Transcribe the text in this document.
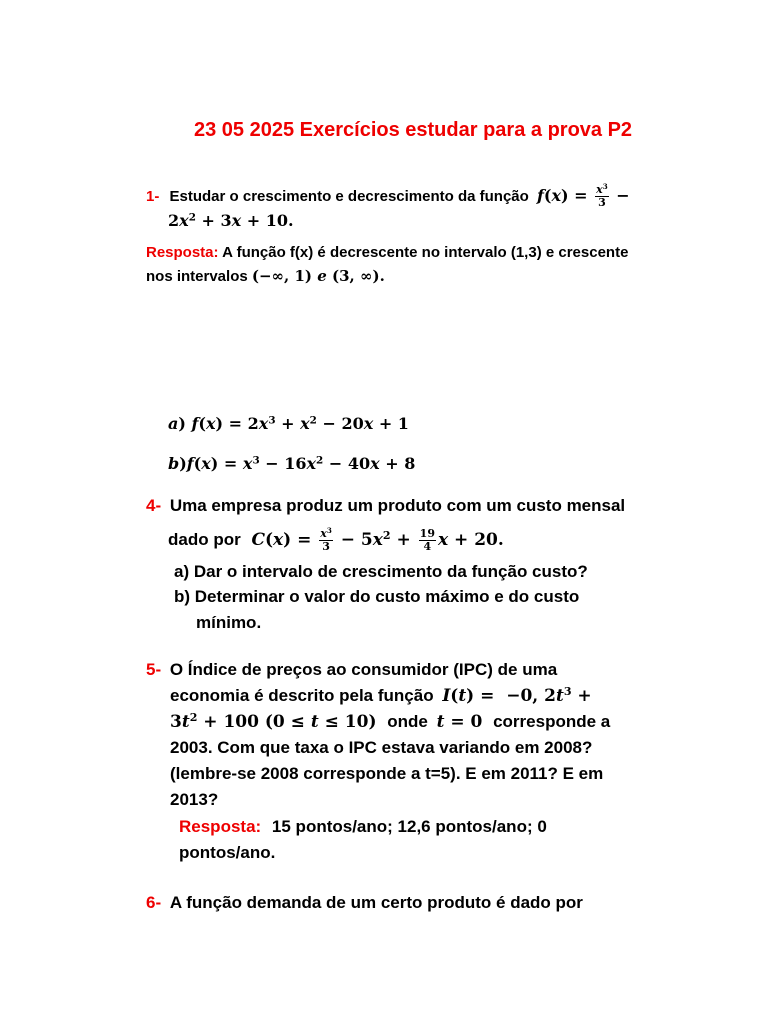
23 05 2025 Exercícios estudar para a prova P2
1- Estudar o crescimento e decrescimento da função $f(x) = \frac{x^3}{3}$ −
$2x^2 + 3x + 10$.
Resposta: A função f(x) é decrescente no intervalo (1,3) e crescente
nos intervalos (−∞, 1) e (3, ∞).
a) $f(x) = 2x^3 + x^2 - 20x + 1$
$b)f(x) = x^3 - 16x^2 - 40x + 8$
4- Uma empresa produz um produto com um custo mensal
dado por $C(x) = \frac{x^3}{3} - 5x^2 + \frac{19}{4}$ x + 20.
a) Dar o intervalo de crescimento da função custo?
b) Determinar o valor do custo máximo e do custo
mínimo.
5- O Índice de preços ao consumidor (IPC) de uma
economia é descrito pela função I(t) =  −0, $2t^3$ +
$3t^2 + 100$ (0 ≤ t ≤ 10) onde t = 0 corresponde a
2003. Com que taxa o IPC estava variando em 2008?
(lembre-se 2008 corresponde a t=5). E em 2011? E em
2013?
Resposta: 15 pontos/ano; 12,6 pontos/ano; 0
pontos/ano.
6- A função demanda de um certo produto é dado por
